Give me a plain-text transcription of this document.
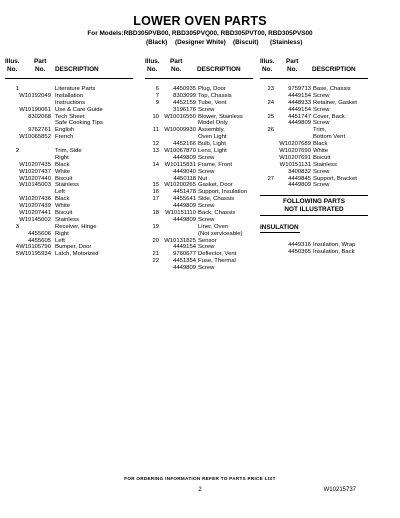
LOWER OVEN PARTS
For Models:RBD305PVB00, RBD305PVQ00, RBD305PVT00, RBD305PVS00
(Black) (Designer White) (Biscuit) (Stainless)
Illus.
No.
Part
No. DESCRIPTION
1	Literature Parts
W10192049 Installation
Instructions
W10190061 Use & Care Guide
8302068 Tech Sheet
Safe Cooking Tips
9762761 English
W10065852 French
2	Trim, Side
Right
W10207435 Black
W10207437 White
W10207440 Biscuit
W10145003 Stainless
Left
W10207436 Black
W10207439 White
W10207441 Biscuit
W10145002 Stainless
3	Receiver, Hinge
4455606 Right
4455605 Left
4 W10105790 Bumper, Door
5 W10195934 Latch, Motorized
Illus.
No.
Part
No. DESCRIPTION
6	4450935 Plug, Door
7	8303099 Top, Chassis
9	4452159 Tube, Vent
3196176 Screw
10 W10016550 Blower, Stainless
Model Only
11 W10009930 Assembly,
Oven Light
12	4452166 Bulb, Light
13 W10067870 Lens, Light
4449809 Screw
14 W10115831 Frame, Front
4449040 Screw
4450118 Nut
15 W10200265 Gasket, Door
16	4451478 Support, Insulation
17	4455641 Side, Chassis
4449809 Screw
18	W10151110 Back, Chassis
4449809 Screw
19	Liner, Oven
(Not serviceable)
20 W10131825 Sensor
4449154 Screw
21	9760677 Deflector, Vent
22	4451354 Fuse, Thermal
4449809 Screw
Illus.
No.
Part
No. DESCRIPTION
23	9759713 Base, Chassis
4449154 Screw
24	4448933 Retainer, Gasket
4449154 Screw
25	4451747 Cover, Back
4449809 Screw
26	Trim,
Bottom Vent
W10207689 Black
W10207690 White
W10207691 Biscuit
W10151131 Stainless
3400832 Screw
27	4449845 Support, Bracket
4449809 Screw
FOLLOWING PARTS
NOT ILLUSTRATED
INSULATION
4449316 Insulation, Wrap
4450365 Insulation, Back
FOR ORDERING INFORMATION REFER TO PARTS PRICE LIST
2	W10215737
